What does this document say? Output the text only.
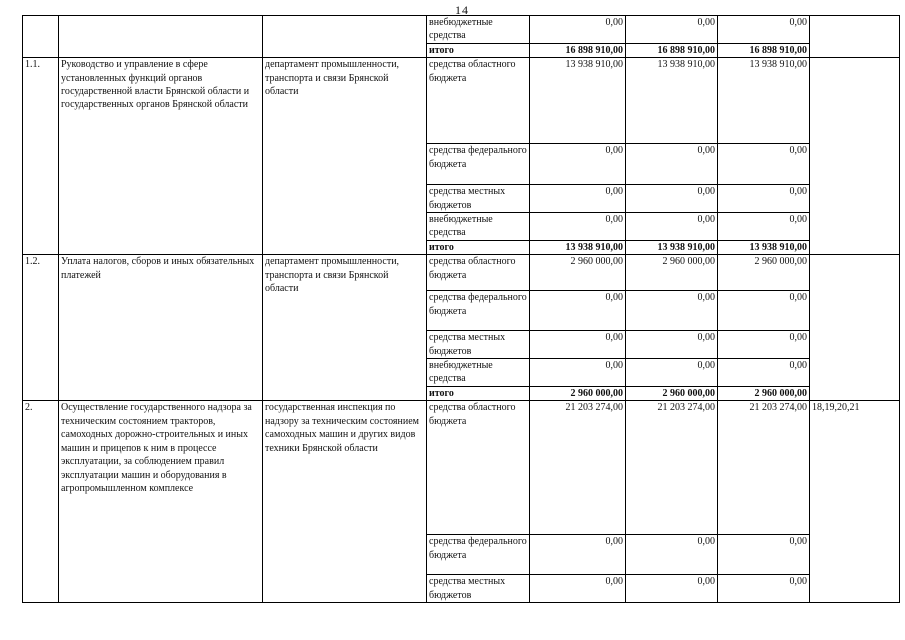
14
			внебюджетные средства	0,00	0,00	0,00	
			итого	16 898 910,00	16 898 910,00	16 898 910,00	
1.1.	Руководство и управление в сфере установленных функций органов государственной власти Брянской области и государственных органов Брянской области	департамент промышленности, транспорта и связи Брянской области	средства областного бюджета	13 938 910,00	13 938 910,00	13 938 910,00	
			средства федерального бюджета	0,00	0,00	0,00	
			средства местных бюджетов	0,00	0,00	0,00	
			внебюджетные средства	0,00	0,00	0,00	
			итого	13 938 910,00	13 938 910,00	13 938 910,00	
1.2.	Уплата налогов, сборов и иных обязательных платежей	департамент промышленности, транспорта и связи Брянской области	средства областного бюджета	2 960 000,00	2 960 000,00	2 960 000,00	
			средства федерального бюджета	0,00	0,00	0,00	
			средства местных бюджетов	0,00	0,00	0,00	
			внебюджетные средства	0,00	0,00	0,00	
			итого	2 960 000,00	2 960 000,00	2 960 000,00	
2.	Осуществление государственного надзора за техническим состоянием тракторов, самоходных дорожно-строительных и иных машин и прицепов к ним в процессе эксплуатации, за соблюдением правил эксплуатации машин и оборудования в агропромышленном комплексе	государственная инспекция по надзору за техническим состоянием самоходных машин и других видов техники Брянской области	средства областного бюджета	21 203 274,00	21 203 274,00	21 203 274,00	18,19,20,21
			средства федерального бюджета	0,00	0,00	0,00	
			средства местных бюджетов	0,00	0,00	0,00	
